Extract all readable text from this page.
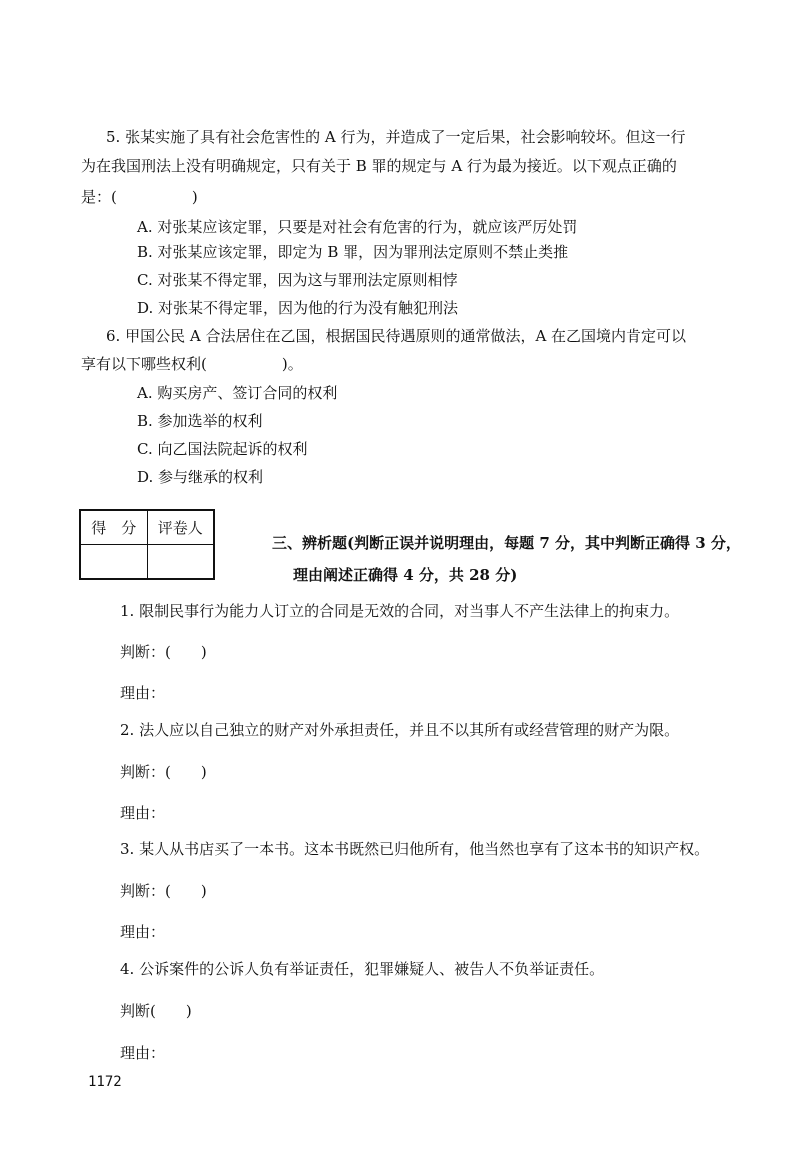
5. 张某实施了具有社会危害性的 A 行为，并造成了一定后果，社会影响较坏。但这一行
为在我国刑法上没有明确规定，只有关于 B 罪的规定与 A 行为最为接近。以下观点正确的
是：(　　　　　)
A. 对张某应该定罪，只要是对社会有危害的行为，就应该严厉处罚
B. 对张某应该定罪，即定为 B 罪，因为罪刑法定原则不禁止类推
C. 对张某不得定罪，因为这与罪刑法定原则相悖
D. 对张某不得定罪，因为他的行为没有触犯刑法
6. 甲国公民 A 合法居住在乙国，根据国民待遇原则的通常做法，A 在乙国境内肯定可以
享有以下哪些权利(　　　　　)。
A. 购买房产、签订合同的权利
B. 参加选举的权利
C. 向乙国法院起诉的权利
D. 参与继承的权利
得　分	评卷人

三、辨析题(判断正误并说明理由，每题 7 分，其中判断正确得 3 分，
理由阐述正确得 4 分，共 28 分)
1. 限制民事行为能力人订立的合同是无效的合同，对当事人不产生法律上的拘束力。
判断：(　　)
理由：
2. 法人应以自己独立的财产对外承担责任，并且不以其所有或经营管理的财产为限。
判断：(　　)
理由：
3. 某人从书店买了一本书。这本书既然已归他所有，他当然也享有了这本书的知识产权。
判断：(　　)
理由：
4. 公诉案件的公诉人负有举证责任，犯罪嫌疑人、被告人不负举证责任。
判断(　　)
理由：
1172
